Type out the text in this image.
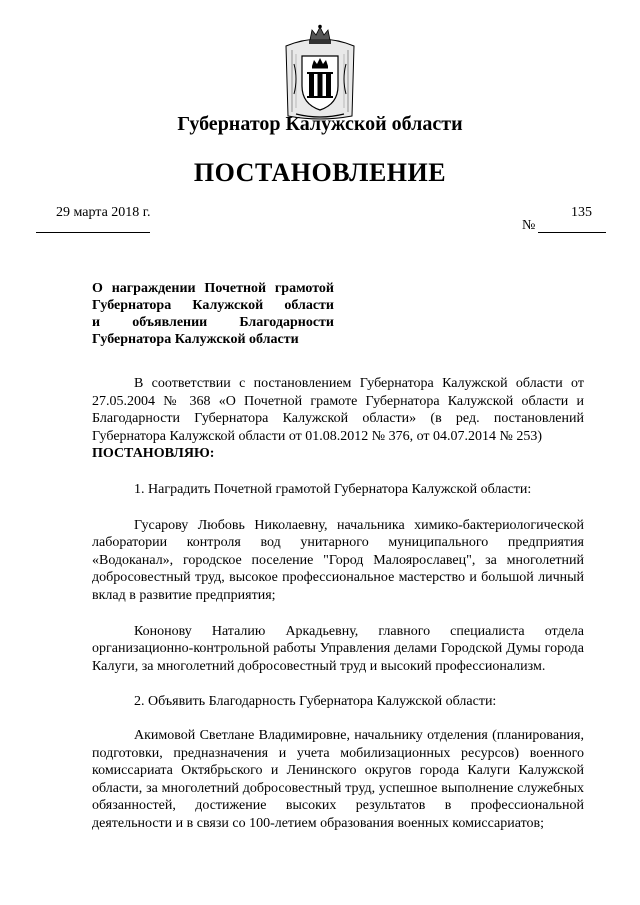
Губернатор Калужской области
ПОСТАНОВЛЕНИЕ
29 марта 2018 г.	135
№
О награждении Почетной грамотой
Губернатора Калужской области
и объявлении Благодарности
Губернатора Калужской области

В соответствии с постановлением Губернатора Калужской области от 27.05.2004 № 368 «О Почетной грамоте Губернатора Калужской области и Благодарности Губернатора Калужской области» (в ред. постановлений Губернатора Калужской области от 01.08.2012 № 376, от 04.07.2014 № 253)

ПОСТАНОВЛЯЮ:

1. Наградить Почетной грамотой Губернатора Калужской области:

Гусарову Любовь Николаевну, начальника химико-бактериологической лаборатории контроля вод унитарного муниципального предприятия «Водоканал», городское поселение "Город Малоярославец", за многолетний добросовестный труд, высокое профессиональное мастерство и большой личный вклад в развитие предприятия;

Кононову Наталию Аркадьевну, главного специалиста отдела организационно-контрольной работы Управления делами Городской Думы города Калуги, за многолетний добросовестный труд и высокий профессионализм.

2. Объявить Благодарность Губернатора Калужской области:

Акимовой Светлане Владимировне, начальнику отделения (планирования, подготовки, предназначения и учета мобилизационных ресурсов) военного комиссариата Октябрьского и Ленинского округов города Калуги Калужской области, за многолетний добросовестный труд, успешное выполнение служебных обязанностей, достижение высоких результатов в профессиональной деятельности и в связи со 100-летием образования военных комиссариатов;
